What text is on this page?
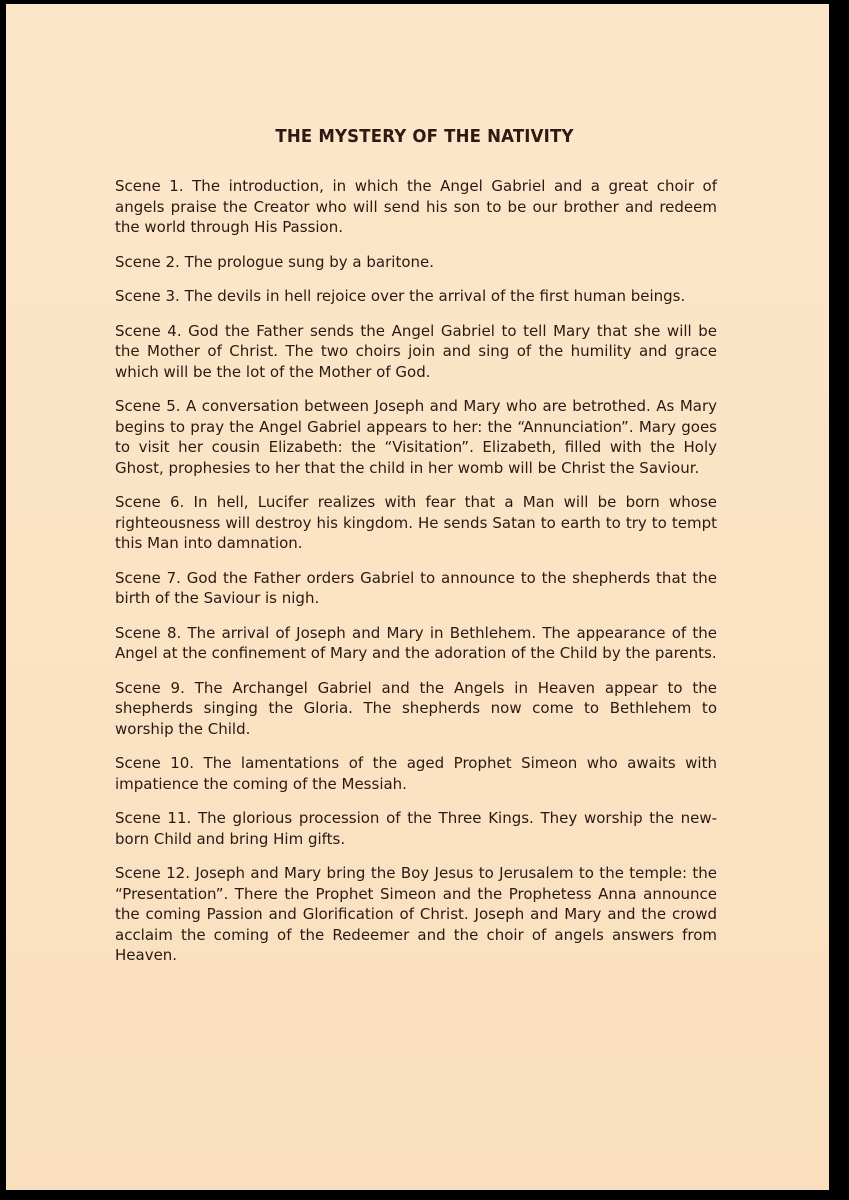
THE MYSTERY OF THE NATIVITY

Scene 1. The introduction, in which the Angel Gabriel and a great choir of angels praise the Creator who will send his son to be our brother and redeem the world through His Passion.

Scene 2. The prologue sung by a baritone.

Scene 3. The devils in hell rejoice over the arrival of the first human beings.

Scene 4. God the Father sends the Angel Gabriel to tell Mary that she will be the Mother of Christ. The two choirs join and sing of the humility and grace which will be the lot of the Mother of God.

Scene 5. A conversation between Joseph and Mary who are betrothed. As Mary begins to pray the Angel Gabriel appears to her: the “Annunciation”. Mary goes to visit her cousin Elizabeth: the “Visitation”. Elizabeth, filled with the Holy Ghost, prophesies to her that the child in her womb will be Christ the Saviour.

Scene 6. In hell, Lucifer realizes with fear that a Man will be born whose righteousness will destroy his kingdom. He sends Satan to earth to try to tempt this Man into damnation.

Scene 7. God the Father orders Gabriel to announce to the shepherds that the birth of the Saviour is nigh.

Scene 8. The arrival of Joseph and Mary in Bethlehem. The appearance of the Angel at the confinement of Mary and the adoration of the Child by the parents.

Scene 9. The Archangel Gabriel and the Angels in Heaven appear to the shepherds singing the Gloria. The shepherds now come to Bethlehem to worship the Child.

Scene 10. The lamentations of the aged Prophet Simeon who awaits with impatience the coming of the Messiah.

Scene 11. The glorious procession of the Three Kings. They worship the new-born Child and bring Him gifts.

Scene 12. Joseph and Mary bring the Boy Jesus to Jerusalem to the temple: the “Presentation”. There the Prophet Simeon and the Prophetess Anna announce the coming Passion and Glorification of Christ. Joseph and Mary and the crowd acclaim the coming of the Redeemer and the choir of angels answers from Heaven.
